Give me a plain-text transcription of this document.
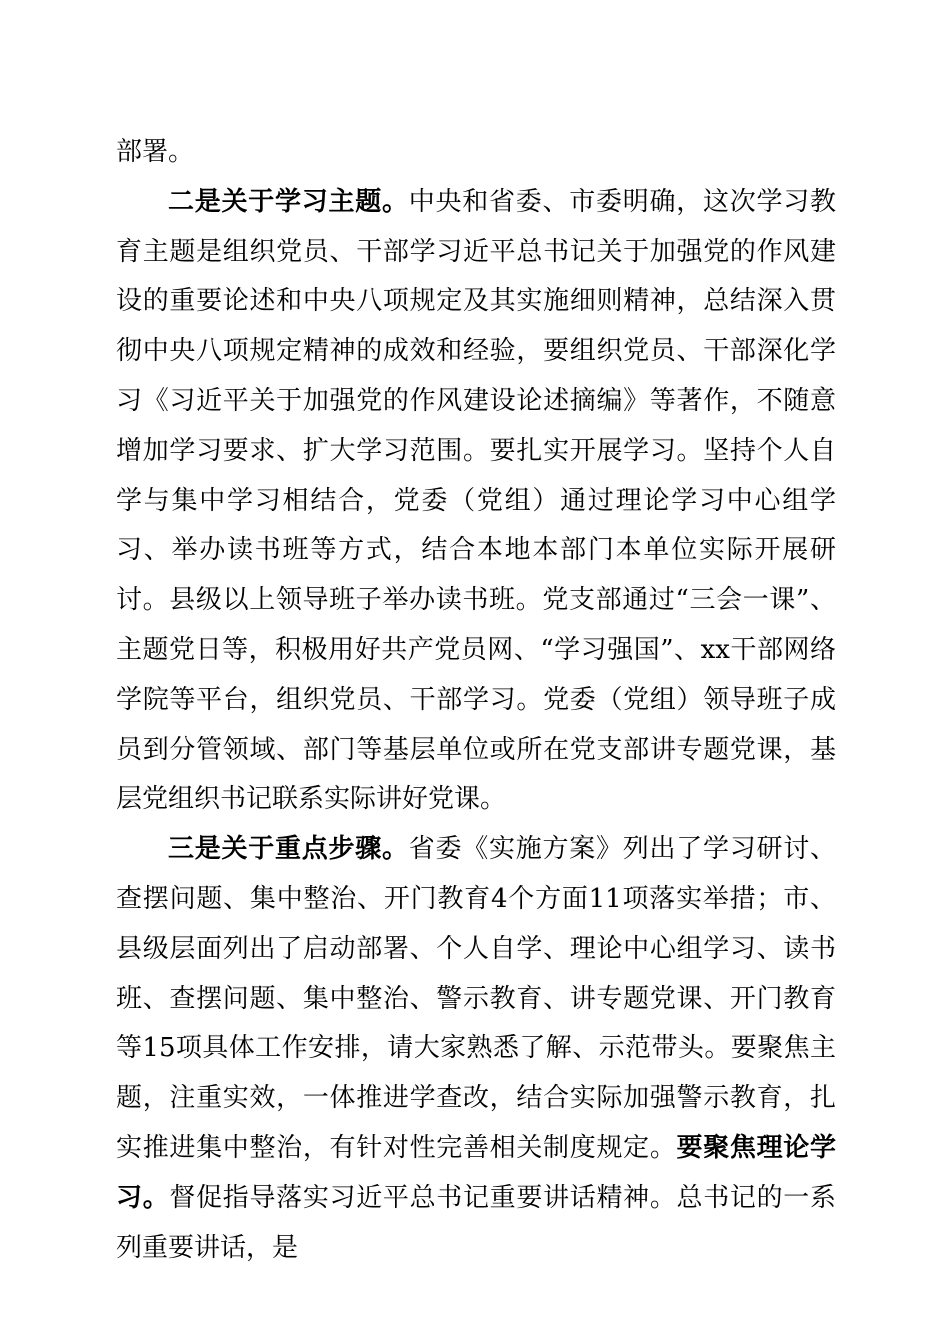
部署。

二是关于学习主题。中央和省委、市委明确，这次学习教育主题是组织党员、干部学习近平总书记关于加强党的作风建设的重要论述和中央八项规定及其实施细则精神，总结深入贯彻中央八项规定精神的成效和经验，要组织党员、干部深化学习《习近平关于加强党的作风建设论述摘编》等著作，不随意增加学习要求、扩大学习范围。要扎实开展学习。坚持个人自学与集中学习相结合，党委（党组）通过理论学习中心组学习、举办读书班等方式，结合本地本部门本单位实际开展研讨。县级以上领导班子举办读书班。党支部通过“三会一课”、主题党日等，积极用好共产党员网、“学习强国”、xx干部网络学院等平台，组织党员、干部学习。党委（党组）领导班子成员到分管领域、部门等基层单位或所在党支部讲专题党课，基层党组织书记联系实际讲好党课。

三是关于重点步骤。省委《实施方案》列出了学习研讨、查摆问题、集中整治、开门教育4个方面11项落实举措；市、县级层面列出了启动部署、个人自学、理论中心组学习、读书班、查摆问题、集中整治、警示教育、讲专题党课、开门教育等15项具体工作安排，请大家熟悉了解、示范带头。要聚焦主题，注重实效，一体推进学查改，结合实际加强警示教育，扎实推进集中整治，有针对性完善相关制度规定。要聚焦理论学习。督促指导落实习近平总书记重要讲话精神。总书记的一系列重要讲话，是
